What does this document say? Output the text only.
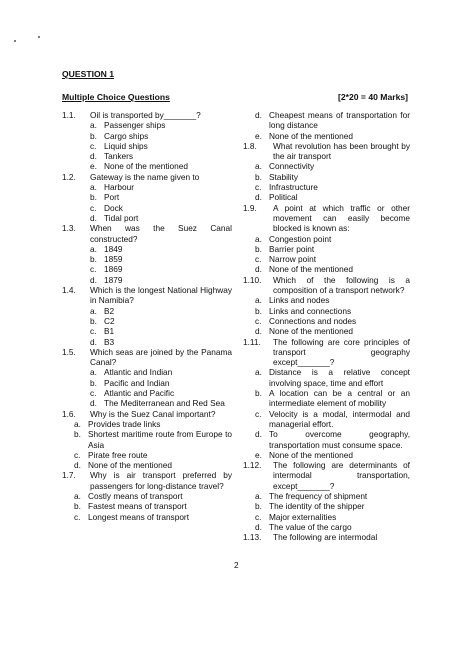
QUESTION 1
Multiple Choice Questions	[2*20 = 40 Marks]
1.1.	Oil is transported by_______?
a. Passenger ships
b. Cargo ships
c. Liquid ships
d. Tankers
e. None of the mentioned
1.2.	Gateway is the name given to
a. Harbour
b. Port
c. Dock
d. Tidal port
1.3.	When was the Suez Canal constructed?
a. 1849
b. 1859
c. 1869
d. 1879
1.4.	Which is the longest National Highway in Namibia?
a. B2
b. C2
c. B1
d. B3
1.5.	Which seas are joined by the Panama Canal?
a. Atlantic and Indian
b. Pacific and Indian
c. Atlantic and Pacific
d. The Mediterranean and Red Sea
1.6.	Why is the Suez Canal important?
a. Provides trade links
b. Shortest maritime route from Europe to Asia
c. Pirate free route
d. None of the mentioned
1.7.	Why is air transport preferred by passengers for long-distance travel?
a. Costly means of transport
b. Fastest means of transport
c. Longest means of transport
d. Cheapest means of transportation for long distance
e. None of the mentioned
1.8.	What revolution has been brought by the air transport
a. Connectivity
b. Stability
c. Infrastructure
d. Political
1.9.	A point at which traffic or other movement can easily become blocked is known as:
a. Congestion point
b. Barrier point
c. Narrow point
d. None of the mentioned
1.10.	Which of the following is a composition of a transport network?
a. Links and nodes
b. Links and connections
c. Connections and nodes
d. None of the mentioned
1.11.	The following are core principles of transport geography except_______?
a. Distance is a relative concept involving space, time and effort
b. A location can be a central or an intermediate element of mobility
c. Velocity is a modal, intermodal and managerial effort.
d. To overcome geography, transportation must consume space.
e. None of the mentioned
1.12.	The following are determinants of intermodal transportation, except_______?
a. The frequency of shipment
b. The identity of the shipper
c. Major externalities
d. The value of the cargo
1.13.	The following are intermodal
2
